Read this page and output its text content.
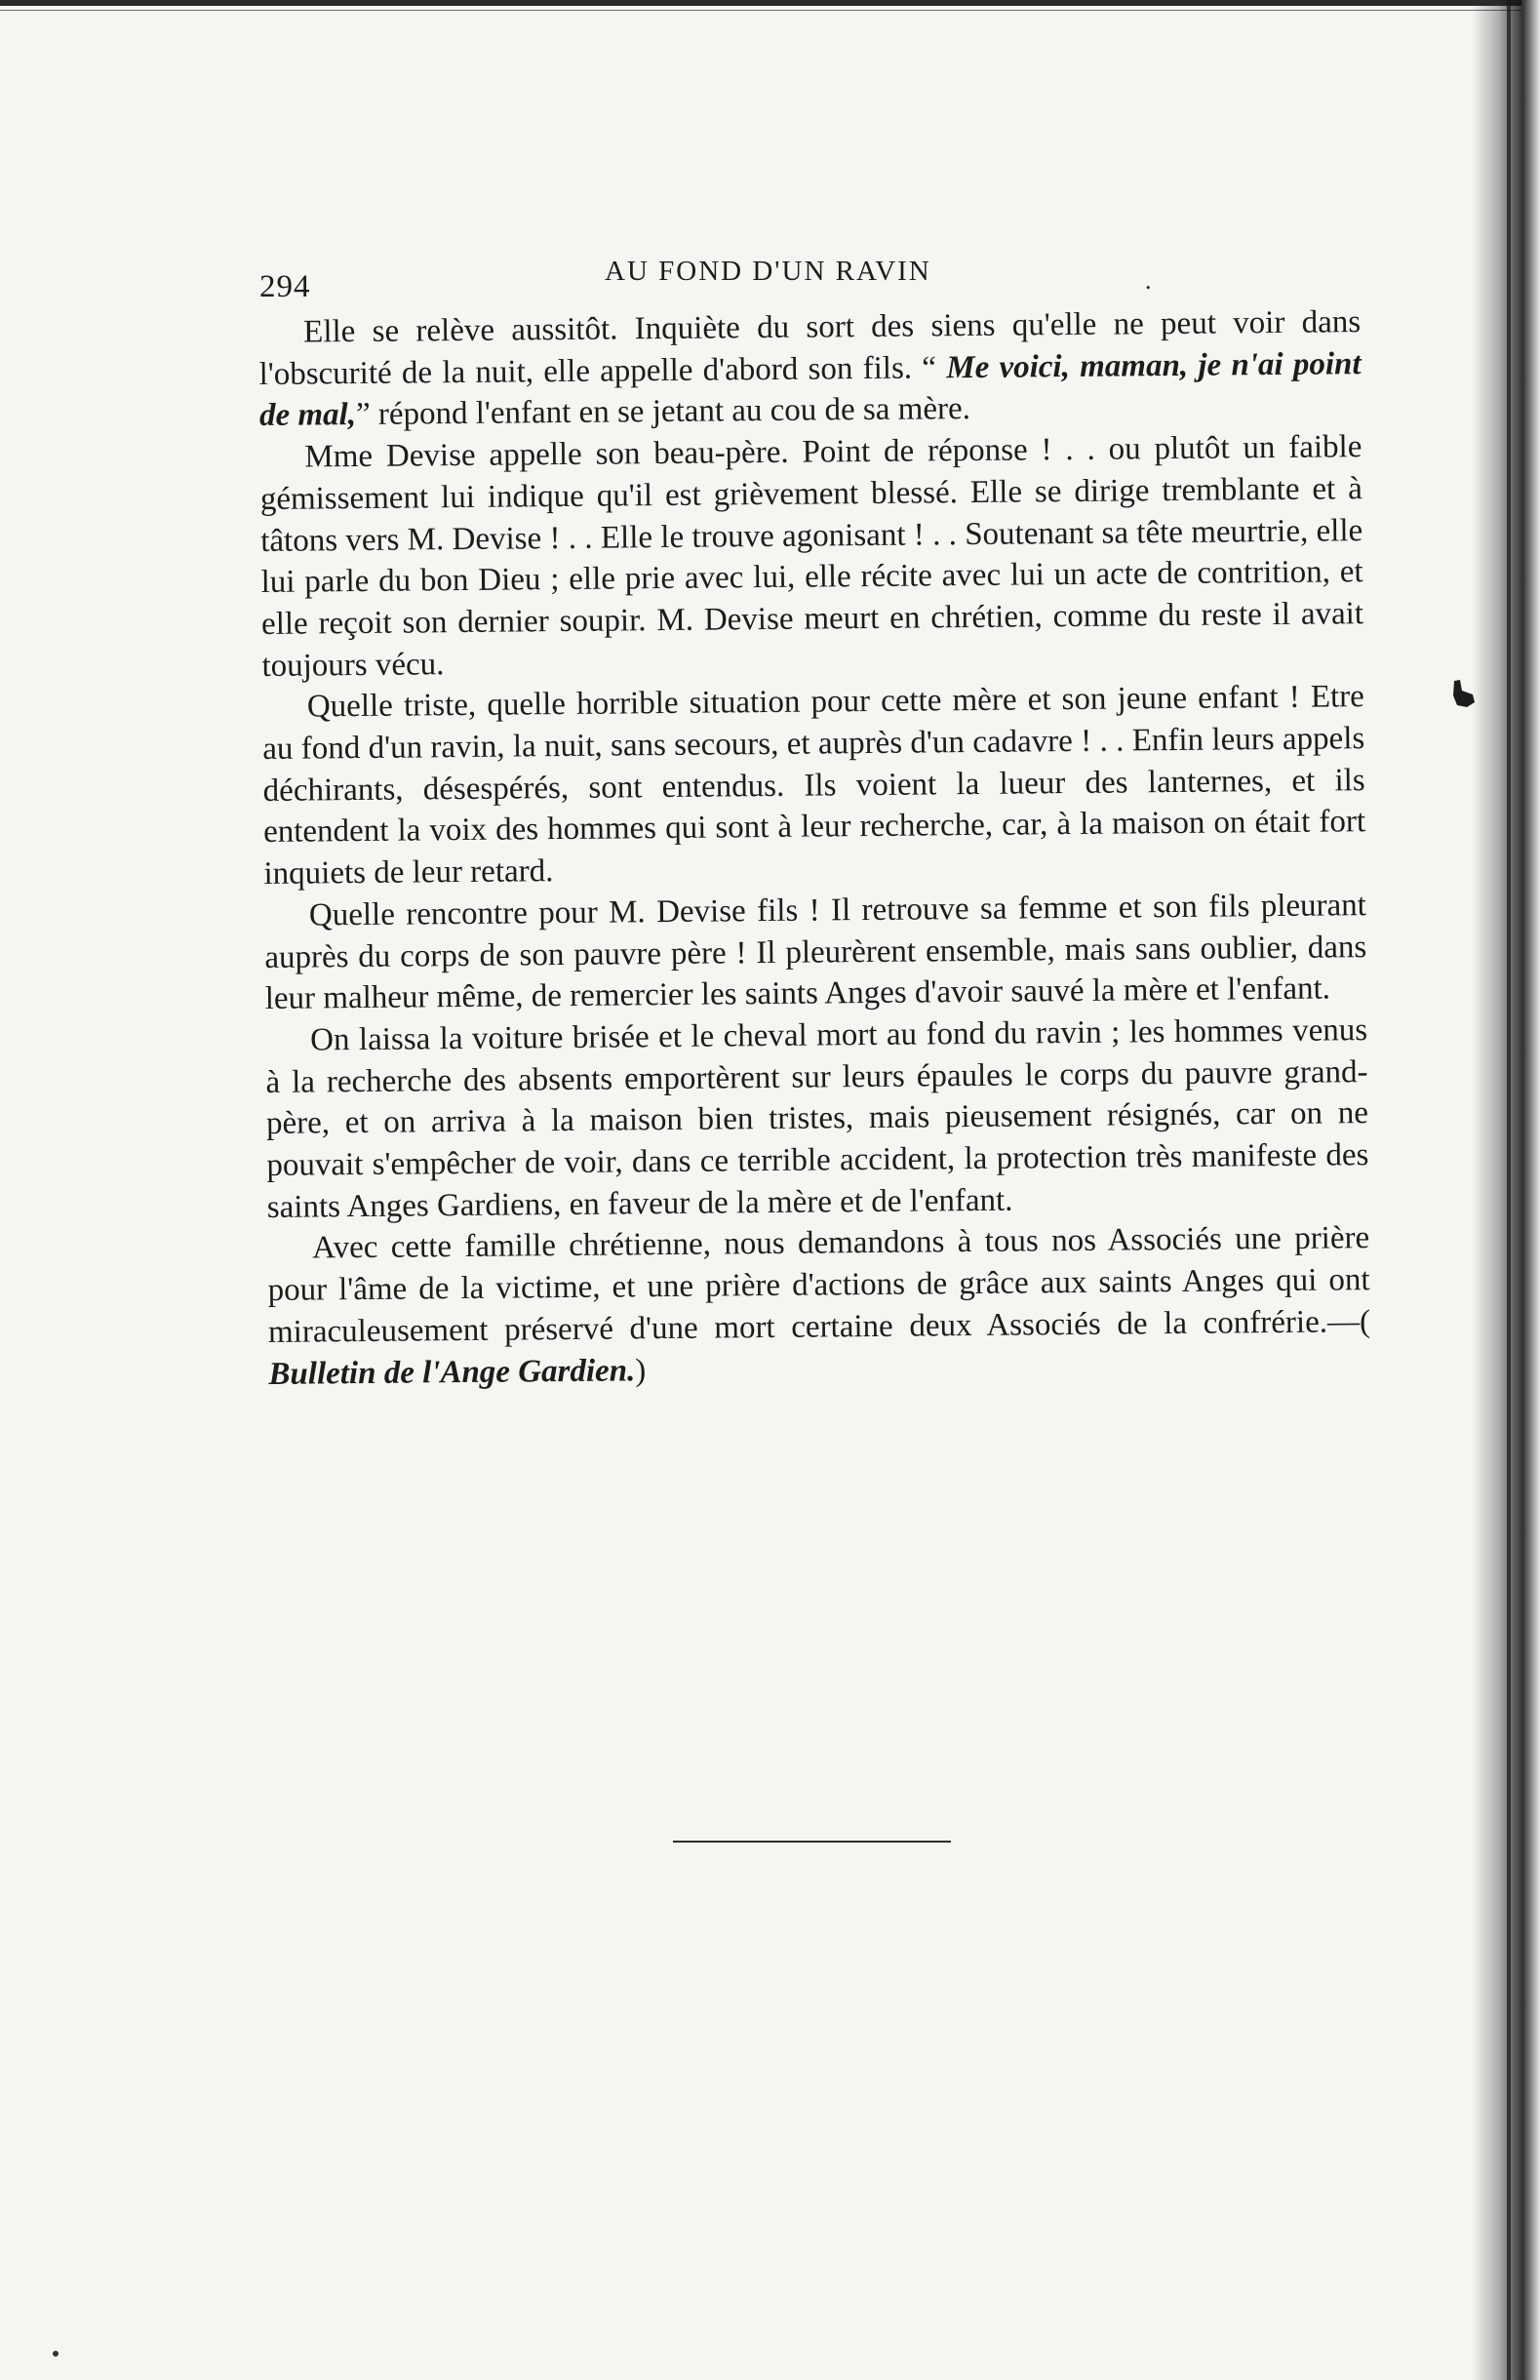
294	AU FOND D'UN RAVIN	.

Elle se relève aussitôt. Inquiète du sort des siens qu'elle ne peut voir dans l'obscurité de la nuit, elle appelle d'abord son fils. “ Me voici, maman, je n'ai point de mal,” répond l'enfant en se jetant au cou de sa mère.

Mme Devise appelle son beau-père. Point de réponse ! . . ou plutôt un faible gémissement lui indique qu'il est grièvement blessé. Elle se dirige tremblante et à tâtons vers M. Devise ! . . Elle le trouve agonisant ! . . Soutenant sa tête meurtrie, elle lui parle du bon Dieu ; elle prie avec lui, elle récite avec lui un acte de contrition, et elle reçoit son dernier soupir. M. Devise meurt en chrétien, comme du reste il avait toujours vécu.

Quelle triste, quelle horrible situation pour cette mère et son jeune enfant ! Etre au fond d'un ravin, la nuit, sans secours, et auprès d'un cadavre ! . . Enfin leurs appels déchirants, désespérés, sont entendus. Ils voient la lueur des lanternes, et ils entendent la voix des hommes qui sont à leur recherche, car, à la maison on était fort inquiets de leur retard.

Quelle rencontre pour M. Devise fils ! Il retrouve sa femme et son fils pleurant auprès du corps de son pauvre père ! Il pleurèrent ensemble, mais sans oublier, dans leur malheur même, de remercier les saints Anges d'avoir sauvé la mère et l'enfant.

On laissa la voiture brisée et le cheval mort au fond du ravin ; les hommes venus à la recherche des absents emportèrent sur leurs épaules le corps du pauvre grand-père, et on arriva à la maison bien tristes, mais pieusement résignés, car on ne pouvait s'empêcher de voir, dans ce terrible accident, la protection très manifeste des saints Anges Gardiens, en faveur de la mère et de l'enfant.

Avec cette famille chrétienne, nous demandons à tous nos Associés une prière pour l'âme de la victime, et une prière d'actions de grâce aux saints Anges qui ont miraculeusement préservé d'une mort certaine deux Associés de la confrérie.—( Bulletin de l'Ange Gardien.)
